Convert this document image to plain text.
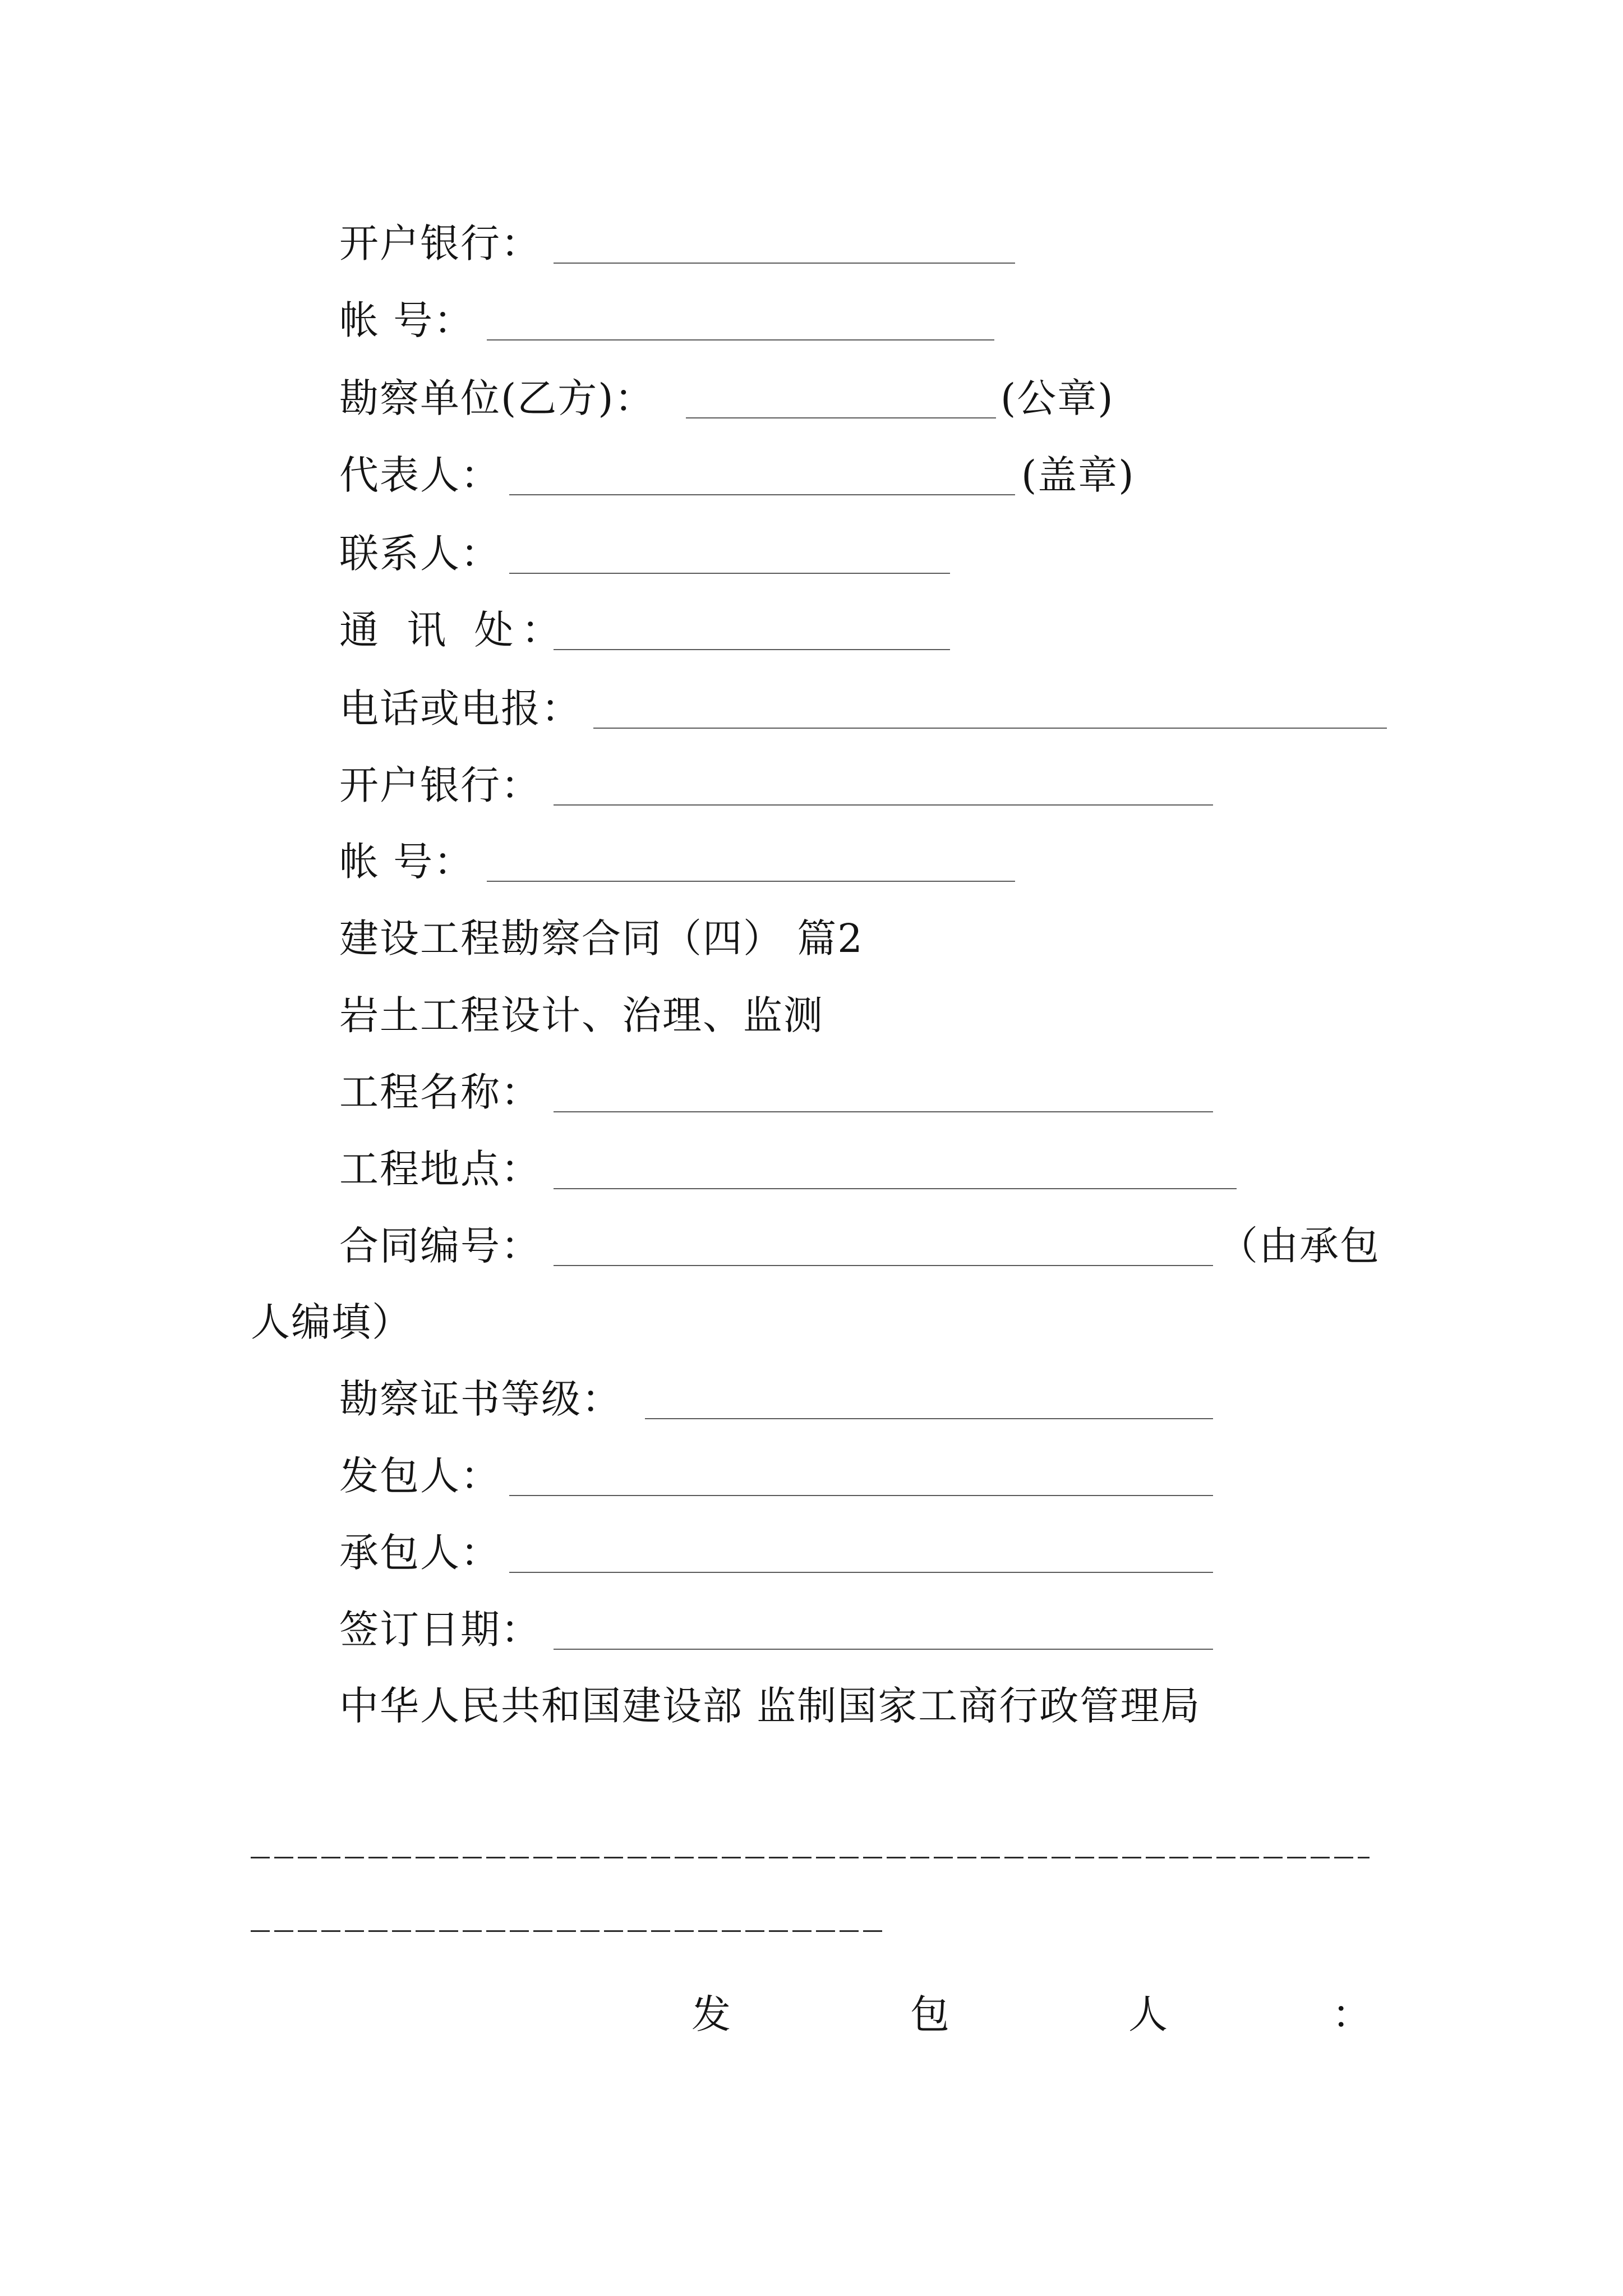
开户银行：
帐 号：
勘察单位(乙方)：	(公章)
代表人：	(盖章)
联系人：
通 讯 处：
电话或电报：
开户银行：
帐 号：
建设工程勘察合同（四） 篇2
岩土工程设计、治理、监测
工程名称：
工程地点：
合同编号：	（由承包
人编填）
勘察证书等级：
发包人：
承包人：
签订日期：
中华人民共和国建设部 监制国家工商行政管理局
发	包	人	：
